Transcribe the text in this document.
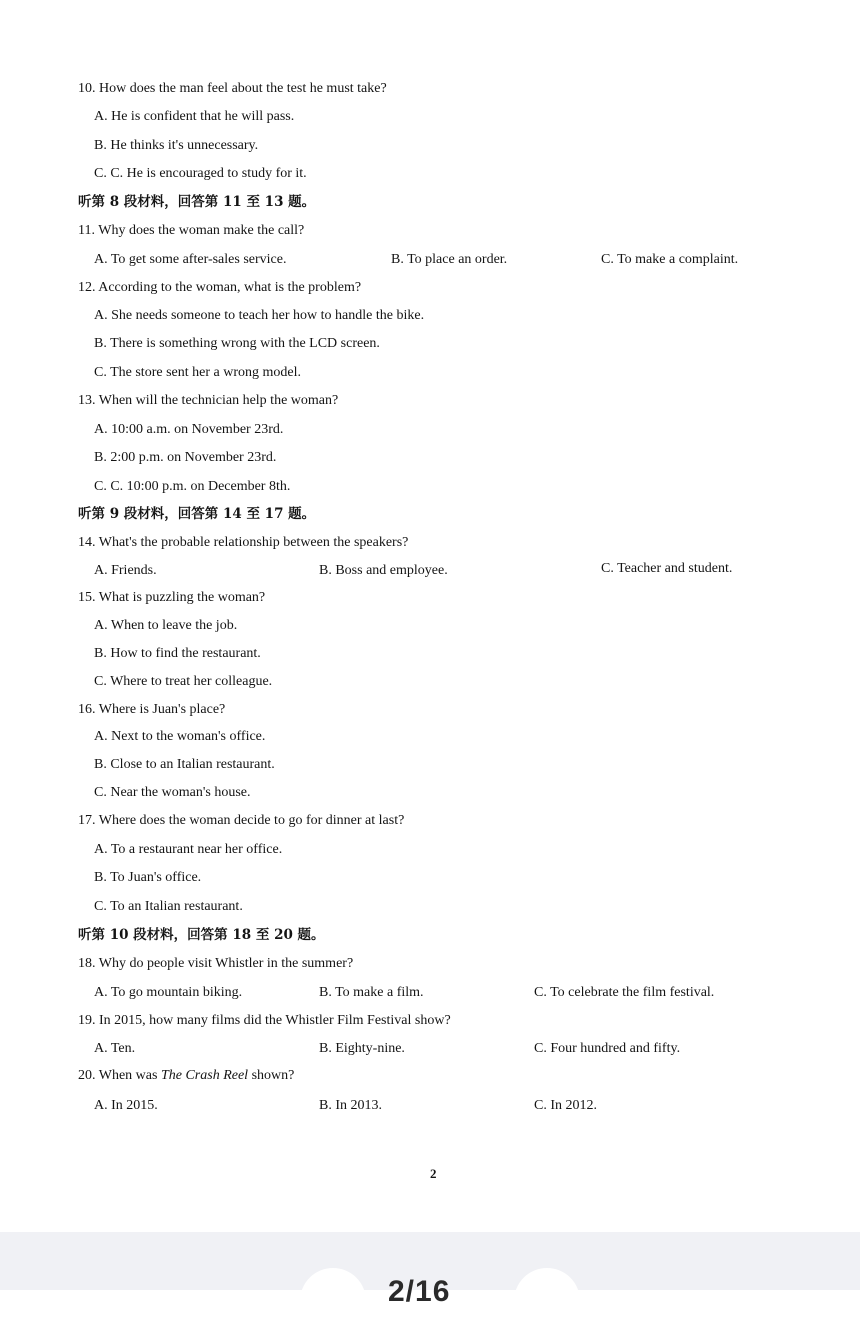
10. How does the man feel about the test he must take?
A. He is confident that he will pass.
B. He thinks it's unnecessary.
C. C. He is encouraged to study for it.
听第 8 段材料，回答第 11 至 13 题。
11. Why does the woman make the call?
A. To get some after-sales service.	B. To place an order.	C. To make a complaint.
12. According to the woman, what is the problem?
A. She needs someone to teach her how to handle the bike.
B. There is something wrong with the LCD screen.
C. The store sent her a wrong model.
13. When will the technician help the woman?
A. 10:00 a.m. on November 23rd.
B. 2:00 p.m. on November 23rd.
C. C. 10:00 p.m. on December 8th.
听第 9 段材料，回答第 14 至 17 题。
14. What's the probable relationship between the speakers?
A. Friends.	B. Boss and employee.	C. Teacher and student.
15. What is puzzling the woman?
A. When to leave the job.
B. How to find the restaurant.
C. Where to treat her colleague.
16. Where is Juan's place?
A. Next to the woman's office.
B. Close to an Italian restaurant.
C. Near the woman's house.
17. Where does the woman decide to go for dinner at last?
A. To a restaurant near her office.
B. To Juan's office.
C. To an Italian restaurant.
听第 10 段材料，回答第 18 至 20 题。
18. Why do people visit Whistler in the summer?
A. To go mountain biking.	B. To make a film.	C. To celebrate the film festival.
19. In 2015, how many films did the Whistler Film Festival show?
A. Ten.	B. Eighty-nine.	C. Four hundred and fifty.
20. When was The Crash Reel shown?
A. In 2015.	B. In 2013.	C. In 2012.
2
2/16
